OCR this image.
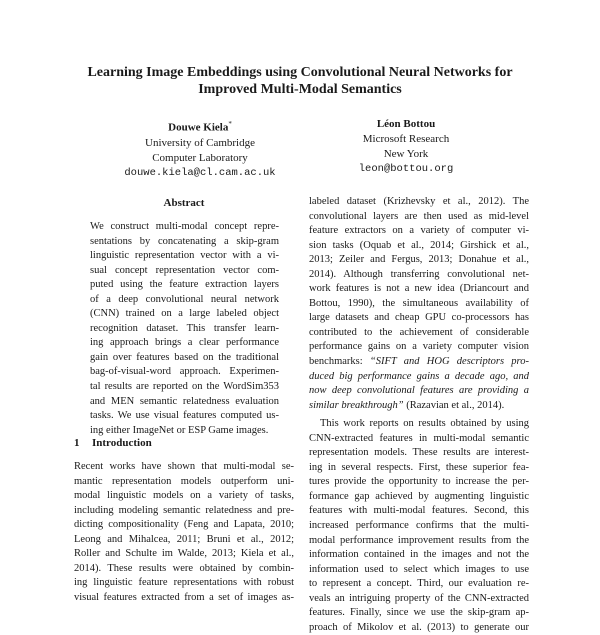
Learning Image Embeddings using Convolutional Neural Networks for
Improved Multi-Modal Semantics
Douwe Kiela*
University of Cambridge
Computer Laboratory
douwe.kiela@cl.cam.ac.uk
Léon Bottou
Microsoft Research
New York
leon@bottou.org
Abstract
We construct multi-modal concept repre-
sentations by concatenating a skip-gram
linguistic representation vector with a vi-
sual concept representation vector com-
puted using the feature extraction layers
of a deep convolutional neural network
(CNN) trained on a large labeled object
recognition dataset. This transfer learn-
ing approach brings a clear performance
gain over features based on the traditional
bag-of-visual-word approach. Experimen-
tal results are reported on the WordSim353
and MEN semantic relatedness evaluation
tasks. We use visual features computed us-
ing either ImageNet or ESP Game images.
1 Introduction
Recent works have shown that multi-modal se-
mantic representation models outperform uni-
modal linguistic models on a variety of tasks,
including modeling semantic relatedness and pre-
dicting compositionality (Feng and Lapata, 2010;
Leong and Mihalcea, 2011; Bruni et al., 2012;
Roller and Schulte im Walde, 2013; Kiela et al.,
2014). These results were obtained by combin-
ing linguistic feature representations with robust
visual features extracted from a set of images as-
labeled dataset (Krizhevsky et al., 2012). The
convolutional layers are then used as mid-level
feature extractors on a variety of computer vi-
sion tasks (Oquab et al., 2014; Girshick et al.,
2013; Zeiler and Fergus, 2013; Donahue et al.,
2014). Although transferring convolutional net-
work features is not a new idea (Driancourt and
Bottou, 1990), the simultaneous availability of
large datasets and cheap GPU co-processors has
contributed to the achievement of considerable
performance gains on a variety computer vision
benchmarks: “SIFT and HOG descriptors pro-
duced big performance gains a decade ago, and
now deep convolutional features are providing a
similar breakthrough” (Razavian et al., 2014).
This work reports on results obtained by using
CNN-extracted features in multi-modal semantic
representation models. These results are interest-
ing in several respects. First, these superior fea-
tures provide the opportunity to increase the per-
formance gap achieved by augmenting linguistic
features with multi-modal features. Second, this
increased performance confirms that the multi-
modal performance improvement results from the
information contained in the images and not the
information used to select which images to use
to represent a concept. Third, our evaluation re-
veals an intriguing property of the CNN-extracted
features. Finally, since we use the skip-gram ap-
proach of Mikolov et al. (2013) to generate our
